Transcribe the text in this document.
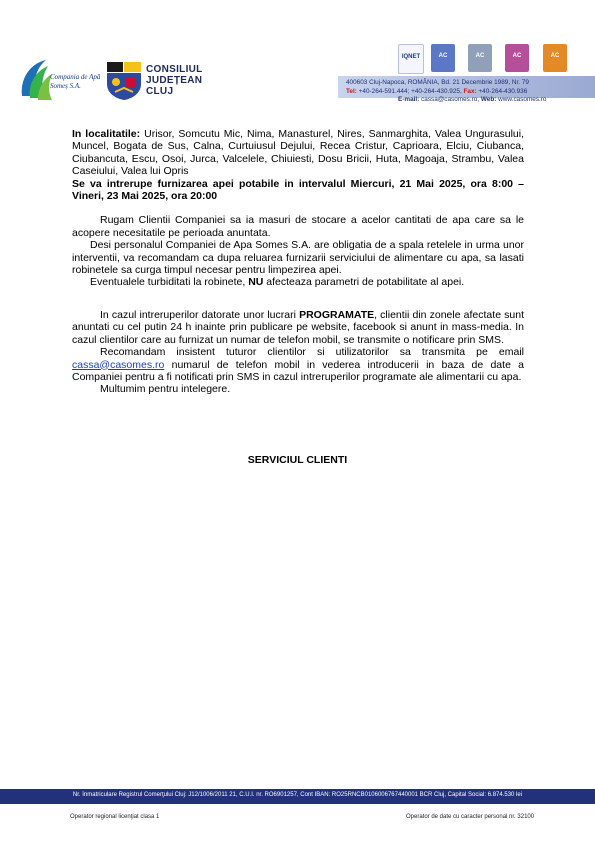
Compania de Apă
Someș S.A.
CONSILIUL
JUDEȚEAN
CLUJ
IQNET	AC	AC	AC	AC
400603 Cluj-Napoca, ROMÂNIA, Bd. 21 Decembrie 1989, Nr. 79
Tel: +40-264-591.444; +40-264-430.925, Fax: +40-264-430.936
E-mail: cassa@casomes.ro, Web: www.casomes.ro

In localitatile: Urisor, Somcutu Mic, Nima, Manasturel, Nires, Sanmarghita, Valea Ungurasului, Muncel, Bogata de Sus, Calna, Curtuiusul Dejului, Recea Cristur, Caprioara, Elciu, Ciubanca, Ciubancuta, Escu, Osoi, Jurca, Valcelele, Chiuiesti, Dosu Bricii, Huta, Magoaja, Strambu, Valea Caseiului, Valea lui Opris

Se va intrerupe furnizarea apei potabile in intervalul Miercuri, 21 Mai 2025, ora 8:00 – Vineri, 23 Mai 2025, ora 20:00

Rugam Clientii Companiei sa ia masuri de stocare a acelor cantitati de apa care sa le acopere necesitatile pe perioada anuntata.

Desi personalul Companiei de Apa Somes S.A. are obligatia de a spala retelele in urma unor interventii, va recomandam ca dupa reluarea furnizarii serviciului de alimentare cu apa, sa lasati robinetele sa curga timpul necesar pentru limpezirea apei.

Eventualele turbiditati la robinete, NU afecteaza parametri de potabilitate al apei.

In cazul intreruperilor datorate unor lucrari PROGRAMATE, clientii din zonele afectate sunt anuntati cu cel putin 24 h inainte prin publicare pe website, facebook si anunt in mass-media. In cazul clientilor care au furnizat un numar de telefon mobil, se transmite o notificare prin SMS.

Recomandam insistent tuturor clientilor si utilizatorilor sa transmita pe email cassa@casomes.ro numarul de telefon mobil in vederea introducerii in baza de date a Companiei pentru a fi notificati prin SMS in cazul intreruperilor programate ale alimentarii cu apa.

Multumim pentru intelegere.

SERVICIUL CLIENTI
Nr. înmatriculare Registrul Comerţului Cluj: J12/1006/2011 21, C.U.I. nr. RO6901257, Cont IBAN: RO25RNCB0106006767440001 BCR Cluj, Capital Social: 6.874.530 lei
Operator regional licenţiat clasa 1	Operator de date cu caracter personal nr. 32100
